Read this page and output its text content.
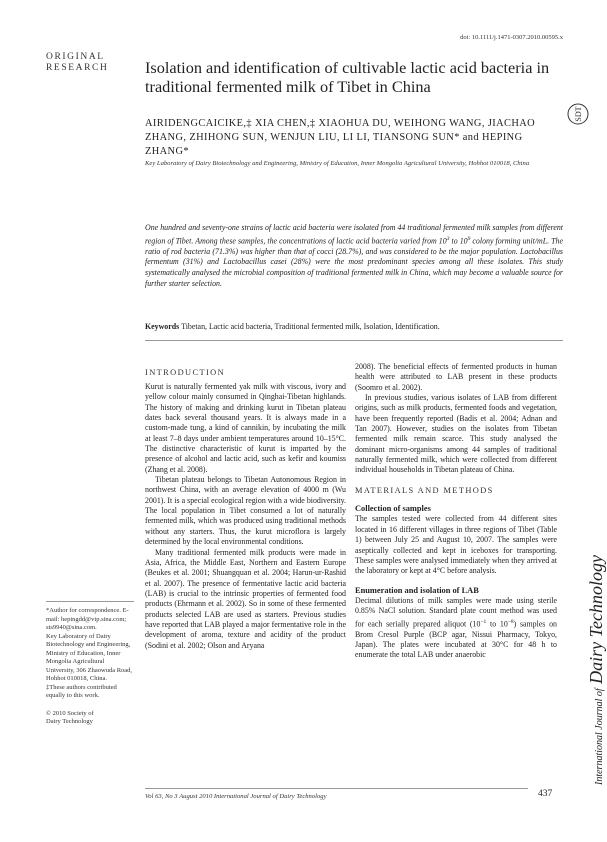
doi: 10.1111/j.1471-0307.2010.00595.x
ORIGINAL
RESEARCH Isolation and identification of cultivable lactic acid bacteria in traditional fermented milk of Tibet in China
AIRIDENGCAICIKE,‡ XIA CHEN,‡ XIAOHUA DU, WEIHONG WANG, JIACHAO ZHANG, ZHIHONG SUN, WENJUN LIU, LI LI, TIANSONG SUN* and HEPING ZHANG*
Key Laboratory of Dairy Biotechnology and Engineering, Ministry of Education, Inner Mongolia Agricultural University, Hohhot 010018, China
SDT
One hundred and seventy-one strains of lactic acid bacteria were isolated from 44 traditional fermented milk samples from different region of Tibet. Among these samples, the concentrations of lactic acid bacteria varied from $10^3$ to $10^9$ colony forming unit/mL. The ratio of rod bacteria (71.3%) was higher than that of cocci (28.7%), and was considered to be the major population. Lactobacillus fermentum (31%) and Lactobacillus casei (28%) were the most predominant species among all these isolates. This study systematically analysed the microbial composition of traditional fermented milk in China, which may become a valuable source for further starter selection.
Keywords Tibetan, Lactic acid bacteria, Traditional fermented milk, Isolation, Identification.
INTRODUCTION

Kurut is naturally fermented yak milk with viscous, ivory and yellow colour mainly consumed in Qinghai-Tibetan highlands. The history of making and drinking kurut in Tibetan plateau dates back several thousand years. It is always made in a custom-made tung, a kind of cannikin, by incubating the milk at least 7–8 days under ambient temperatures around 10–15°C. The distinctive characteristic of kurut is imparted by the presence of alcohol and lactic acid, such as kefir and koumiss (Zhang et al. 2008).

Tibetan plateau belongs to Tibetan Autonomous Region in northwest China, with an average elevation of 4000 m (Wu 2001). It is a special ecological region with a wide biodiversity. The local population in Tibet consumed a lot of naturally fermented milk, which was produced using traditional methods without any starters. Thus, the kurut microflora is largely determined by the local environmental conditions.

Many traditional fermented milk products were made in Asia, Africa, the Middle East, Northern and Eastern Europe (Beukes et al. 2001; Shuangquan et al. 2004; Harun-ur-Rashid et al. 2007). The presence of fermentative lactic acid bacteria (LAB) is crucial to the intrinsic properties of fermented food products (Ehrmann et al. 2002). So in some of these fermented products selected LAB are used as starters. Previous studies have reported that LAB played a major fermentative role in the development of aroma, texture and acidity of the product (Sodini et al. 2002; Olson and Aryana

2008). The beneficial effects of fermented products in human health were attributed to LAB present in these products (Soomro et al. 2002).

In previous studies, various isolates of LAB from different origins, such as milk products, fermented foods and vegetation, have been frequently reported (Badis et al. 2004; Adnan and Tan 2007). However, studies on the isolates from Tibetan fermented milk remain scarce. This study analysed the dominant micro-organisms among 44 samples of traditional naturally fermented milk, which were collected from different individual households in Tibetan plateau of China.

MATERIALS AND METHODS
Collection of samples

The samples tested were collected from 44 different sites located in 16 different villages in three regions of Tibet (Table 1) between July 25 and August 10, 2007. The samples were aseptically collected and kept in iceboxes for transporting. These samples were analysed immediately when they arrived at the laboratory or kept at 4°C before analysis.

Enumeration and isolation of LAB

Decimal dilutions of milk samples were made using sterile 0.85% NaCl solution. Standard plate count method was used for each serially prepared aliquot ($10^{-1}$ to $10^{-8}$) samples on Brom Cresol Purple (BCP agar, Nissui Pharmacy, Tokyo, Japan). The plates were incubated at 30°C for 48 h to enumerate the total LAB under anaerobic

*Author for correspondence. E-mail: hepingdd@vip.sina.com; sts9940@sina.com.
Key Laboratory of Dairy Biotechnology and Engineering, Ministry of Education, Inner Mongolia Agricultural University, 306 Zhaowuda Road, Hohhot 010018, China.
‡These authors contributed equally to this work.
© 2010 Society of
Dairy Technology	International Journal of Dairy Technology
Vol 63, No 3 August 2010 International Journal of Dairy Technology	437
